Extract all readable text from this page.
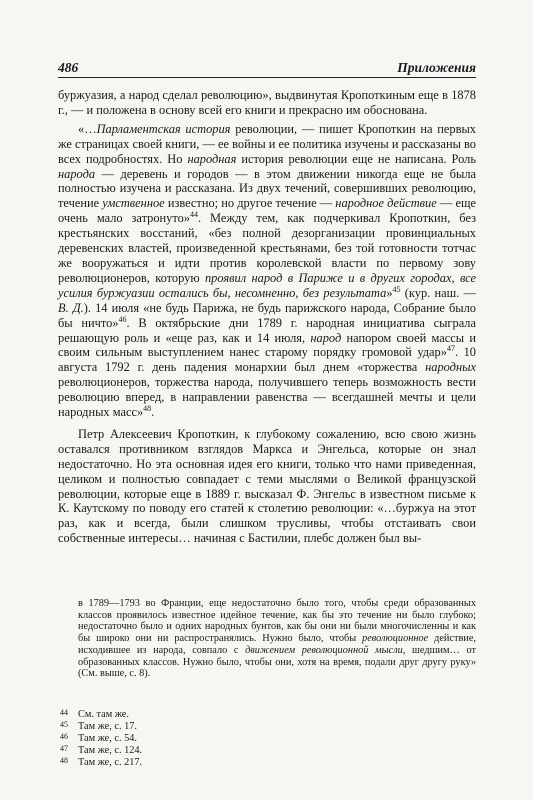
486	Приложения

буржуазия, а народ сделал революцию», выдвинутая Кропоткиным еще в 1878 г., — и положена в основу всей его книги и прекрасно им обоснована.

«…Парламентская история революции, — пишет Кропоткин на первых же страницах своей книги, — ее войны и ее политика изучены и рассказаны во всех подробностях. Но народная история революции еще не написана. Роль народа — деревень и городов — в этом движении никогда еще не была полностью изучена и рассказана. Из двух течений, совершивших революцию, течение умственное известно; но другое течение — народное действие — еще очень мало затронуто»$^{44}$. Между тем, как подчеркивал Кропоткин, без крестьянских восстаний, «без полной дезорганизации провинциальных деревенских властей, произведенной крестьянами, без той готовности тотчас же вооружаться и идти против королевской власти по первому зову революционеров, которую проявил народ в Париже и в других городах, все усилия буржуазии остались бы, несомненно, без результата»$^{45}$ (кур. наш. — В. Д.). 14 июля «не будь Парижа, не будь парижского народа, Собрание было бы ничто»$^{46}$. В октябрьские дни 1789 г. народная инициатива сыграла решающую роль и «еще раз, как и 14 июля, народ напором своей массы и своим сильным выступлением нанес старому порядку громовой удар»$^{47}$. 10 августа 1792 г. день падения монархии был днем «торжества народных революционеров, торжества народа, получившего теперь возможность вести революцию вперед, в направлении равенства — всегдашней мечты и цели народных масс»$^{48}$.

Петр Алексеевич Кропоткин, к глубокому сожалению, всю свою жизнь оставался противником взглядов Маркса и Энгельса, которые он знал недостаточно. Но эта основная идея его книги, только что нами приведенная, целиком и полностью совпадает с теми мыслями о Великой французской революции, которые еще в 1889 г. высказал Ф. Энгельс в известном письме к К. Каутскому по поводу его статей к столетию революции: «…буржуа на этот раз, как и всегда, были слишком трусливы, чтобы отстаивать свои собственные интересы… начиная с Бастилии, плебс должен был вы-

в 1789—1793 во Франции, еще недостаточно было того, чтобы среди образованных классов проявилось известное идейное течение, как бы это течение ни было глубоко; недостаточно было и одних народных бунтов, как бы они ни были многочисленны и как бы широко они ни распространялись. Нужно было, чтобы революционное действие, исходившее из народа, совпало с движением революционной мысли, шедшим… от образованных классов. Нужно было, чтобы они, хотя на время, подали друг другу руку» (См. выше, с. 8).

44 См. там же.
45 Там же, с. 17.
46 Там же, с. 54.
47 Там же, с. 124.
48 Там же, с. 217.
